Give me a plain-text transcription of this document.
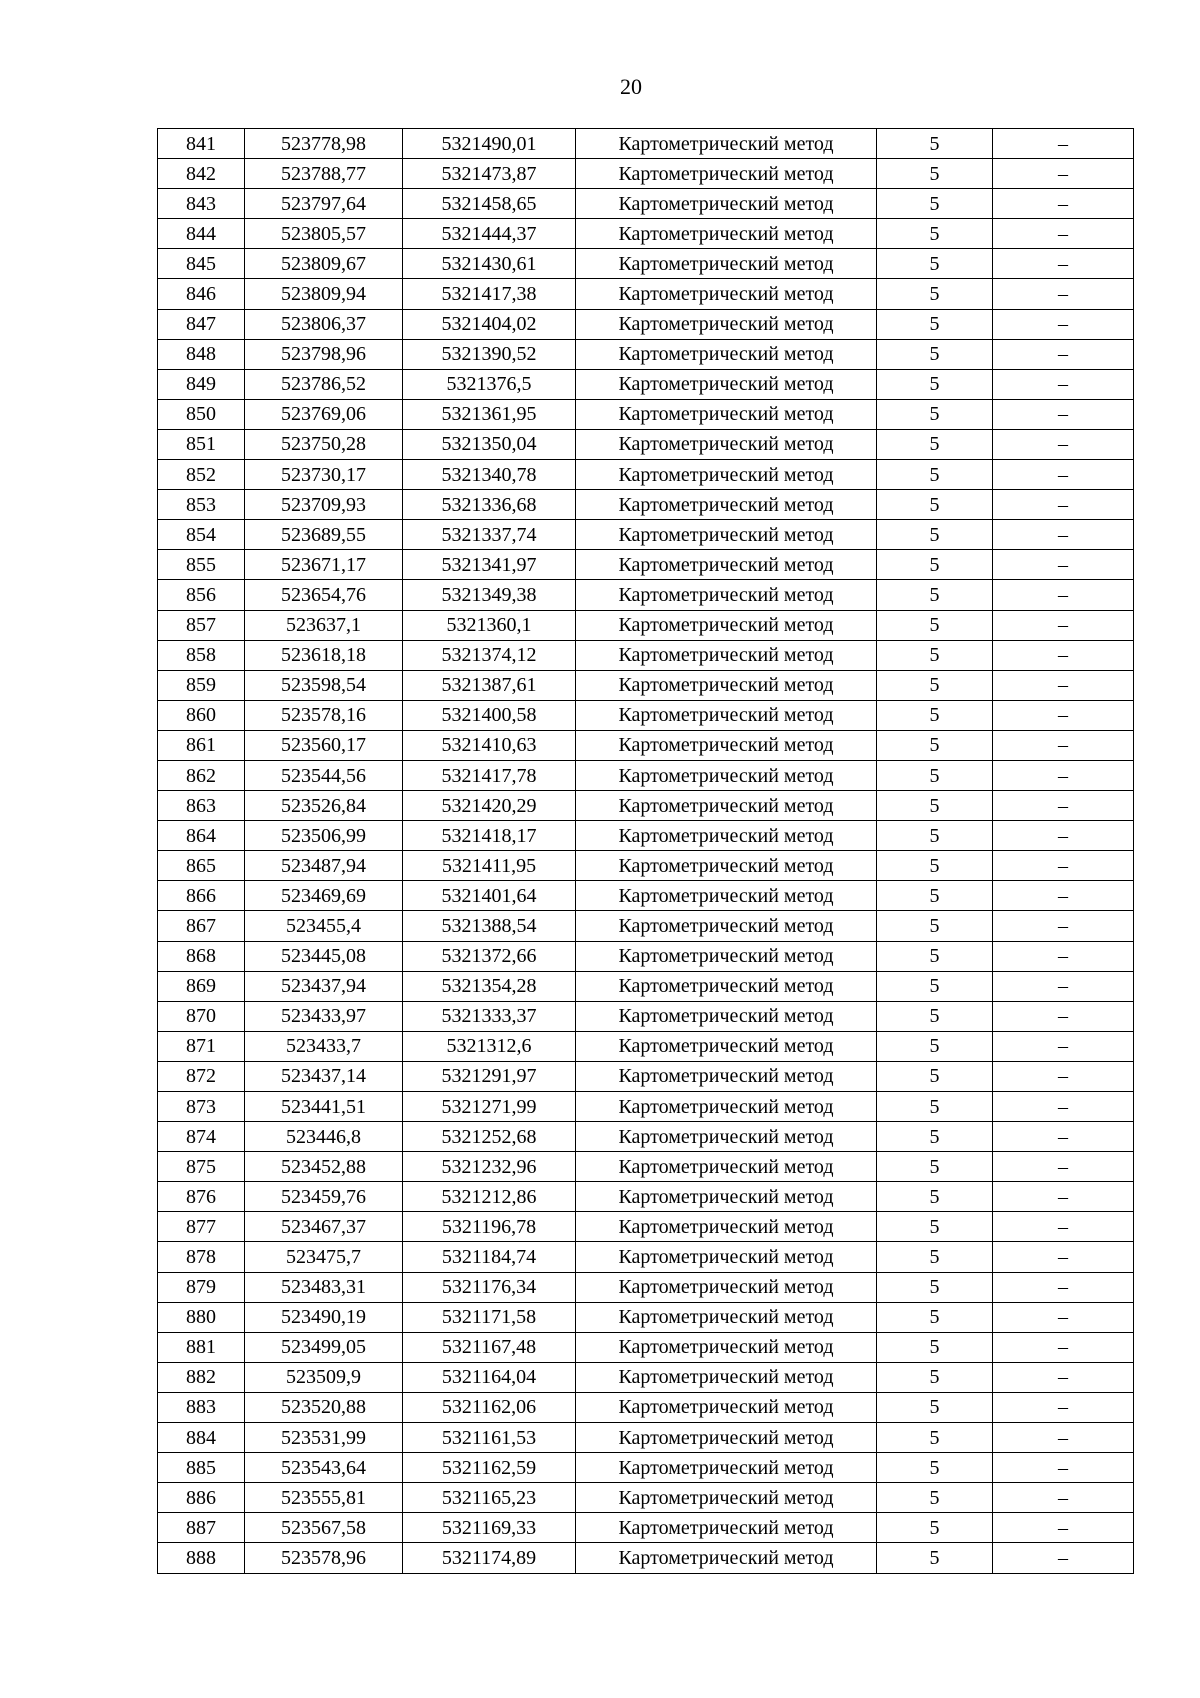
20
841	523778,98	5321490,01	Картометрический метод	5	–
842	523788,77	5321473,87	Картометрический метод	5	–
843	523797,64	5321458,65	Картометрический метод	5	–
844	523805,57	5321444,37	Картометрический метод	5	–
845	523809,67	5321430,61	Картометрический метод	5	–
846	523809,94	5321417,38	Картометрический метод	5	–
847	523806,37	5321404,02	Картометрический метод	5	–
848	523798,96	5321390,52	Картометрический метод	5	–
849	523786,52	5321376,5	Картометрический метод	5	–
850	523769,06	5321361,95	Картометрический метод	5	–
851	523750,28	5321350,04	Картометрический метод	5	–
852	523730,17	5321340,78	Картометрический метод	5	–
853	523709,93	5321336,68	Картометрический метод	5	–
854	523689,55	5321337,74	Картометрический метод	5	–
855	523671,17	5321341,97	Картометрический метод	5	–
856	523654,76	5321349,38	Картометрический метод	5	–
857	523637,1	5321360,1	Картометрический метод	5	–
858	523618,18	5321374,12	Картометрический метод	5	–
859	523598,54	5321387,61	Картометрический метод	5	–
860	523578,16	5321400,58	Картометрический метод	5	–
861	523560,17	5321410,63	Картометрический метод	5	–
862	523544,56	5321417,78	Картометрический метод	5	–
863	523526,84	5321420,29	Картометрический метод	5	–
864	523506,99	5321418,17	Картометрический метод	5	–
865	523487,94	5321411,95	Картометрический метод	5	–
866	523469,69	5321401,64	Картометрический метод	5	–
867	523455,4	5321388,54	Картометрический метод	5	–
868	523445,08	5321372,66	Картометрический метод	5	–
869	523437,94	5321354,28	Картометрический метод	5	–
870	523433,97	5321333,37	Картометрический метод	5	–
871	523433,7	5321312,6	Картометрический метод	5	–
872	523437,14	5321291,97	Картометрический метод	5	–
873	523441,51	5321271,99	Картометрический метод	5	–
874	523446,8	5321252,68	Картометрический метод	5	–
875	523452,88	5321232,96	Картометрический метод	5	–
876	523459,76	5321212,86	Картометрический метод	5	–
877	523467,37	5321196,78	Картометрический метод	5	–
878	523475,7	5321184,74	Картометрический метод	5	–
879	523483,31	5321176,34	Картометрический метод	5	–
880	523490,19	5321171,58	Картометрический метод	5	–
881	523499,05	5321167,48	Картометрический метод	5	–
882	523509,9	5321164,04	Картометрический метод	5	–
883	523520,88	5321162,06	Картометрический метод	5	–
884	523531,99	5321161,53	Картометрический метод	5	–
885	523543,64	5321162,59	Картометрический метод	5	–
886	523555,81	5321165,23	Картометрический метод	5	–
887	523567,58	5321169,33	Картометрический метод	5	–
888	523578,96	5321174,89	Картометрический метод	5	–
